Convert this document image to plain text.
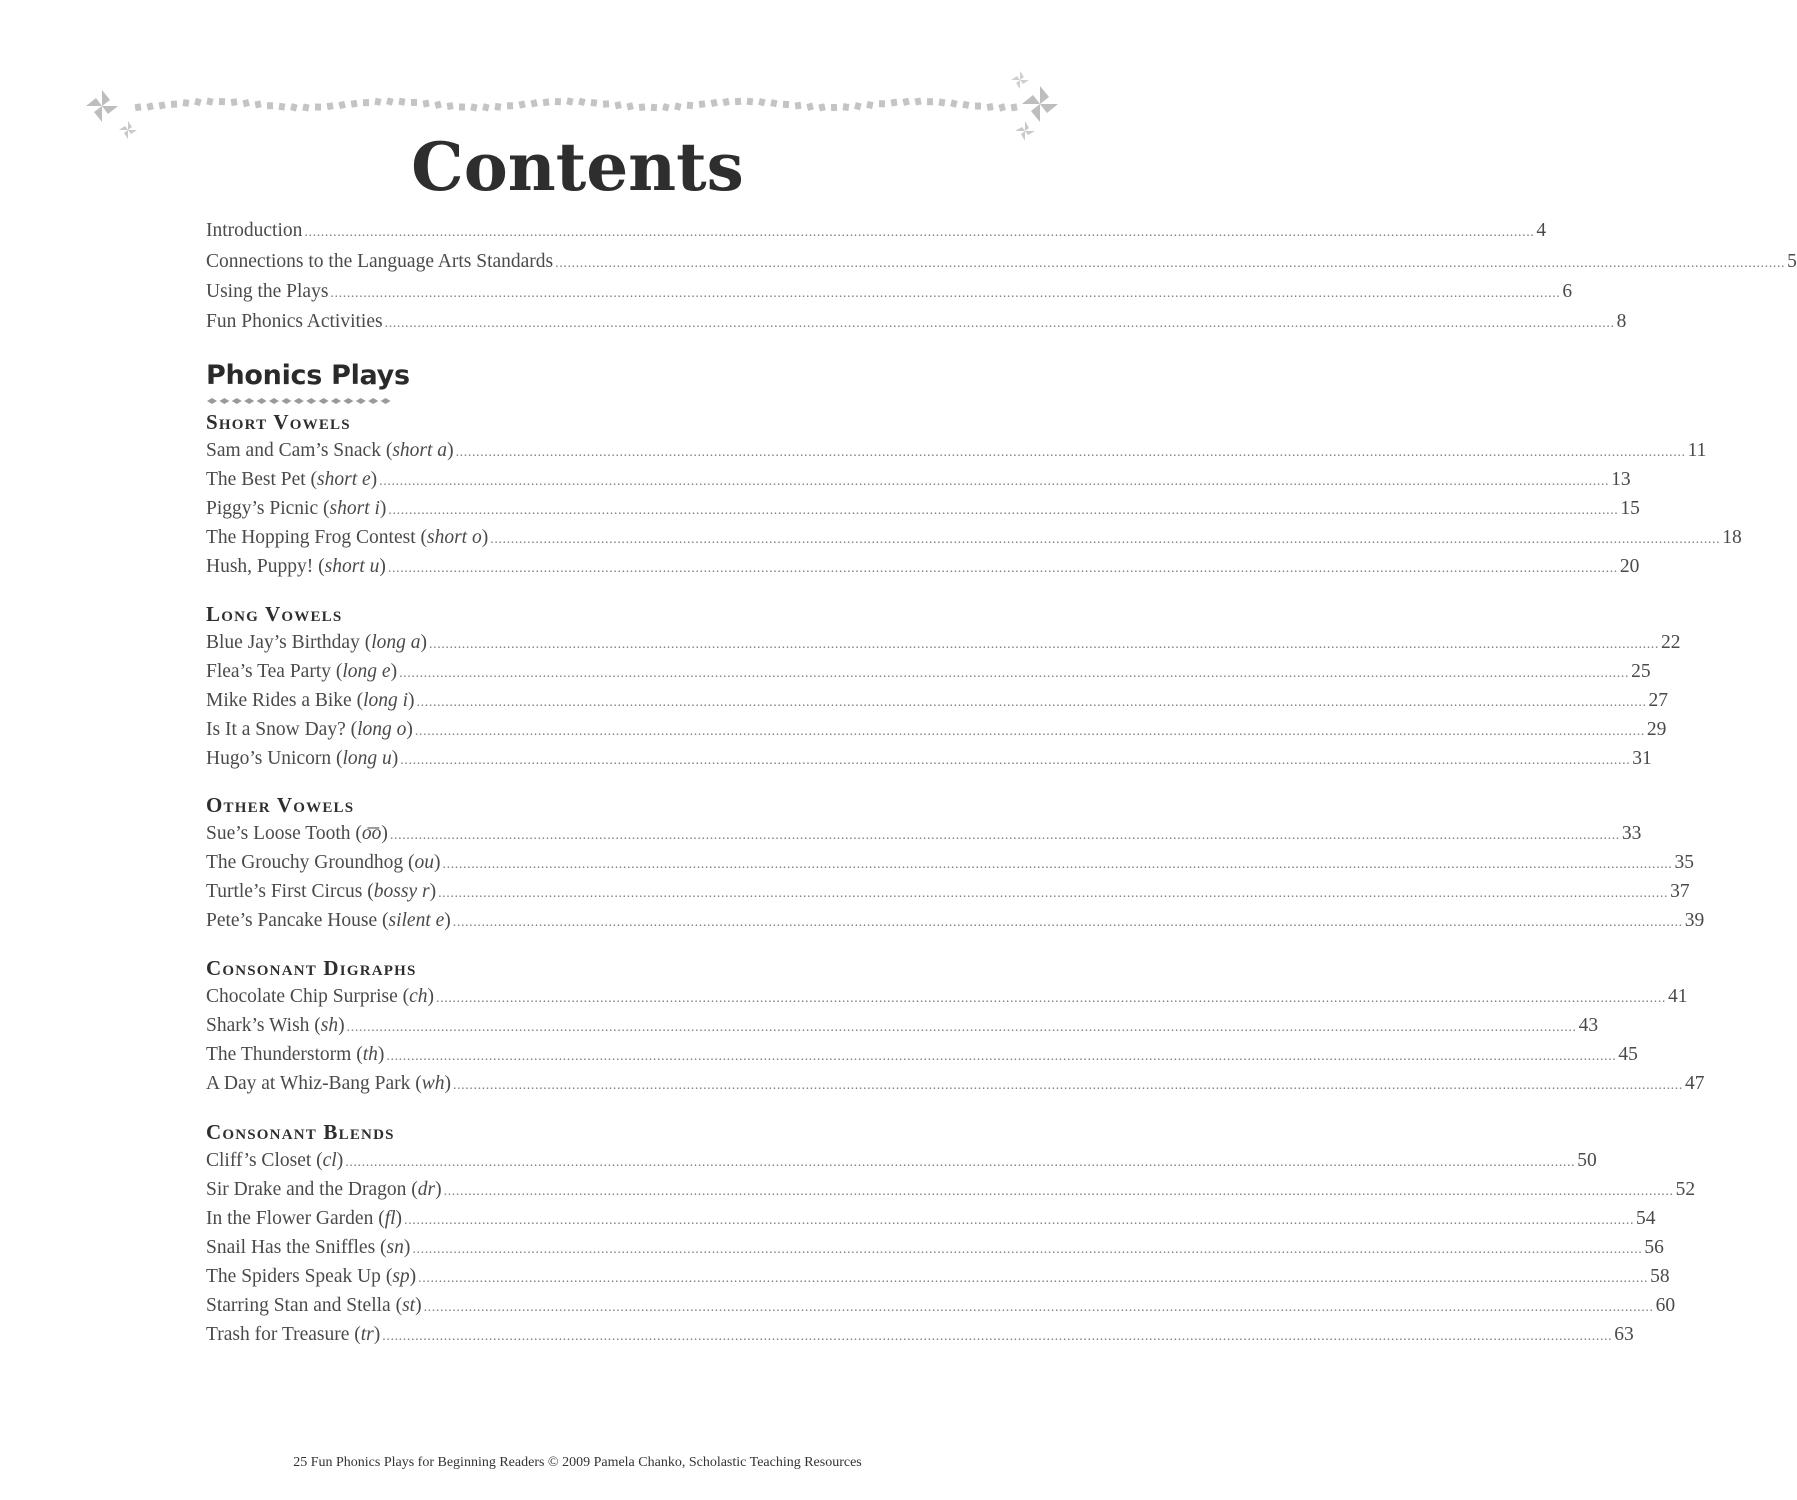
Contents
Introduction ............................................................................................................................................................................................................................................................................................................ 4
Connections to the Language Arts Standards ............................................................................................................................................................................................................................................................................................................ 5
Using the Plays ............................................................................................................................................................................................................................................................................................................ 6
Fun Phonics Activities ............................................................................................................................................................................................................................................................................................................ 8
Phonics Plays
Short Vowels
Sam and Cam’s Snack (short a) ............................................................................................................................................................................................................................................................................................................ 11
The Best Pet (short e) ............................................................................................................................................................................................................................................................................................................ 13
Piggy’s Picnic (short i) ............................................................................................................................................................................................................................................................................................................ 15
The Hopping Frog Contest (short o) ............................................................................................................................................................................................................................................................................................................ 18
Hush, Puppy! (short u) ............................................................................................................................................................................................................................................................................................................ 20
Long Vowels
Blue Jay’s Birthday (long a) ............................................................................................................................................................................................................................................................................................................ 22
Flea’s Tea Party (long e) ............................................................................................................................................................................................................................................................................................................ 25
Mike Rides a Bike (long i) ............................................................................................................................................................................................................................................................................................................ 27
Is It a Snow Day? (long o) ............................................................................................................................................................................................................................................................................................................ 29
Hugo’s Unicorn (long u) ............................................................................................................................................................................................................................................................................................................ 31
Other Vowels
Sue’s Loose Tooth (o͞o) ............................................................................................................................................................................................................................................................................................................ 33
The Grouchy Groundhog (ou) ............................................................................................................................................................................................................................................................................................................ 35
Turtle’s First Circus (bossy r) ............................................................................................................................................................................................................................................................................................................ 37
Pete’s Pancake House (silent e) ............................................................................................................................................................................................................................................................................................................ 39
Consonant Digraphs
Chocolate Chip Surprise (ch) ............................................................................................................................................................................................................................................................................................................ 41
Shark’s Wish (sh) ............................................................................................................................................................................................................................................................................................................ 43
The Thunderstorm (th) ............................................................................................................................................................................................................................................................................................................ 45
A Day at Whiz-Bang Park (wh) ............................................................................................................................................................................................................................................................................................................ 47
Consonant Blends
Cliff’s Closet (cl) ............................................................................................................................................................................................................................................................................................................ 50
Sir Drake and the Dragon (dr) ............................................................................................................................................................................................................................................................................................................ 52
In the Flower Garden (fl) ............................................................................................................................................................................................................................................................................................................ 54
Snail Has the Sniffles (sn) ............................................................................................................................................................................................................................................................................................................ 56
The Spiders Speak Up (sp) ............................................................................................................................................................................................................................................................................................................ 58
Starring Stan and Stella (st) ............................................................................................................................................................................................................................................................................................................ 60
Trash for Treasure (tr) ............................................................................................................................................................................................................................................................................................................ 63
25 Fun Phonics Plays for Beginning Readers © 2009 Pamela Chanko, Scholastic Teaching Resources
